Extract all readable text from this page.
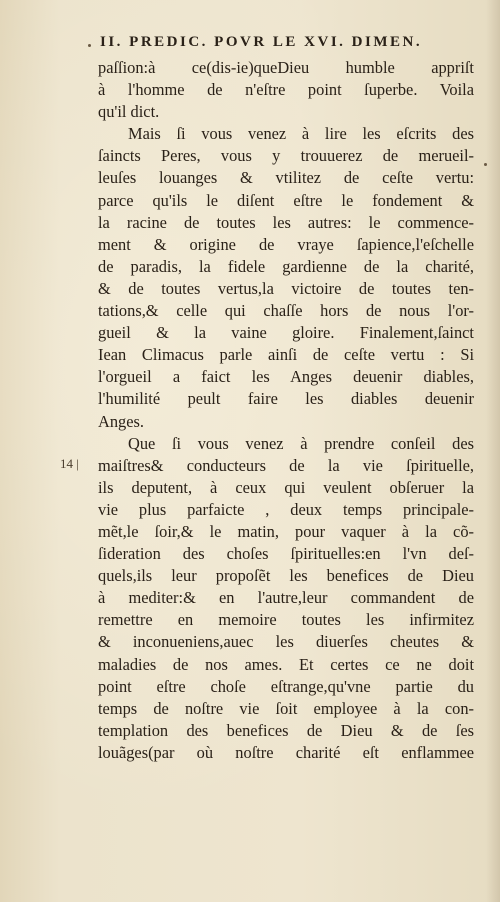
II. PREDIC. POVR LE XVI. DIMEN.
14 |
paſſion:à ce(dis-ie)queDieu humble appriſt
à l'homme de n'eſtre point ſuperbe. Voila
qu'il dict.
Mais ſi vous venez à lire les eſcrits des
ſaincts Peres, vous y trouuerez de merueil-
leuſes louanges & vtilitez de ceſte vertu:
parce qu'ils le diſent eſtre le fondement &
la racine de toutes les autres: le commence-
ment & origine de vraye ſapience,l'eſchelle
de paradis, la fidele gardienne de la charité,
& de toutes vertus,la victoire de toutes ten-
tations,& celle qui chaſſe hors de nous l'or-
gueil & la vaine gloire. Finalement,ſainct
Iean Climacus parle ainſi de ceſte vertu : Si
l'orgueil a faict les Anges deuenir diables,
l'humilité peult faire les diables deuenir
Anges.
Que ſi vous venez à prendre conſeil des
maiſtres& conducteurs de la vie ſpirituelle,
ils deputent, à ceux qui veulent obſeruer la
vie plus parfaicte , deux temps principale-
mẽt,le ſoir,& le matin, pour vaquer à la cõ-
ſideration des choſes ſpirituelles:en l'vn deſ-
quels,ils leur propoſẽt les benefices de Dieu
à mediter:& en l'autre,leur commandent de
remettre en memoire toutes les infirmitez
& inconueniens,auec les diuerſes cheutes &
maladies de nos ames. Et certes ce ne doit
point eſtre choſe eſtrange,qu'vne partie du
temps de noſtre vie ſoit employee à la con-
templation des benefices de Dieu & de ſes
louãges(par où noſtre charité eſt enflammee
